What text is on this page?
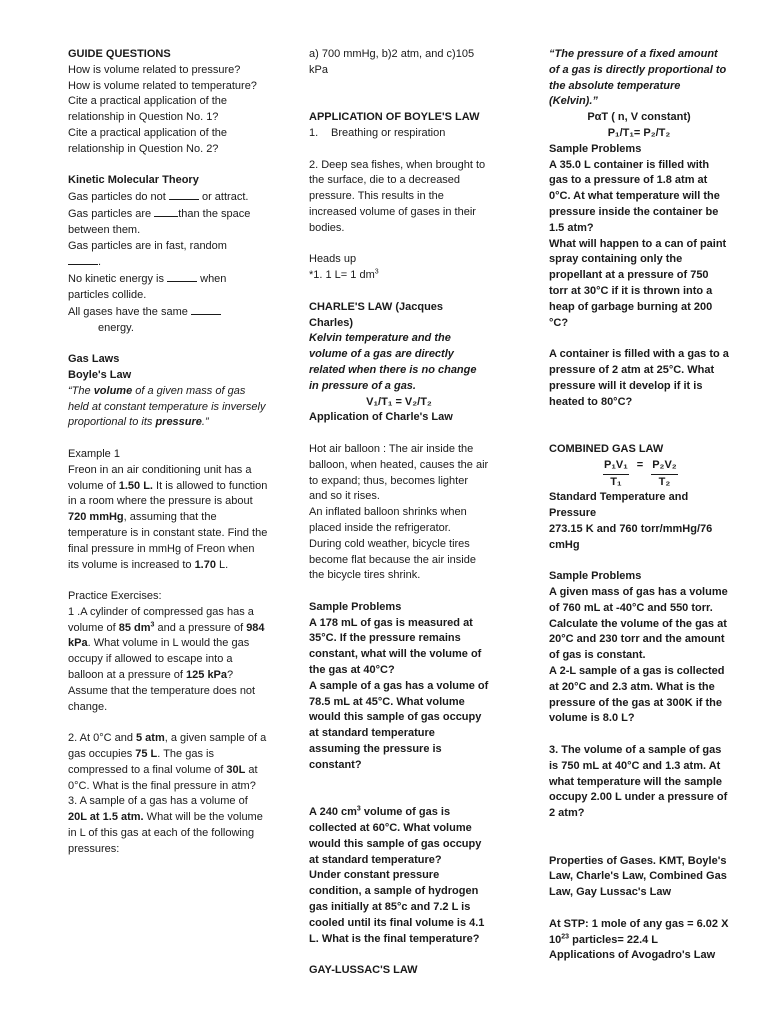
GUIDE QUESTIONS

How is volume related to pressure?

How is volume related to temperature?

Cite a practical application of the relationship in Question No. 1?

Cite a practical application of the relationship in Question No. 2?

Kinetic Molecular Theory

Gas particles do not	or attract.

Gas particles are than the space between them.

Gas particles are in fast, random
.

No kinetic energy is	when particles collide.

All gases have the same
energy.

Gas Laws

Boyle's Law

“The volume of a given mass of gas held at constant temperature is inversely proportional to its pressure.”

Example 1

Freon in an air conditioning unit has a volume of 1.50 L. It is allowed to function in a room where the pressure is about 720 mmHg, assuming that the temperature is in constant state. Find the final pressure in mmHg of Freon when its volume is increased to 1.70 L.

Practice Exercises:

1 .A cylinder of compressed gas has a volume of 85 $dm^3$ and a pressure of 984 kPa. What volume in L would the gas occupy if allowed to escape into a balloon at a pressure of 125 kPa? Assume that the temperature does not change.

2. At 0°C and 5 atm, a given sample of a gas occupies 75 L. The gas is compressed to a final volume of 30L at 0°C. What is the final pressure in atm?

3. A sample of a gas has a volume of 20L at 1.5 atm. What will be the volume in L of this gas at each of the following pressures:

a) 700 mmHg, b)2 atm, and c)105 kPa

APPLICATION OF BOYLE'S LAW

1. Breathing or respiration

2. Deep sea fishes, when brought to the surface, die to a decreased pressure. This results in the increased volume of gases in their bodies.

Heads up

*1. 1 L= 1 $dm^3$

CHARLE'S LAW (Jacques Charles)

Kelvin temperature and the volume of a gas are directly related when there is no change in pressure of a gas.

V₁/T₁ = V₂/T₂

Application of Charle's Law

Hot air balloon : The air inside the balloon, when heated, causes the air to expand; thus, becomes lighter and so it rises.

An inflated balloon shrinks when placed inside the refrigerator.

During cold weather, bicycle tires become flat because the air inside the bicycle tires shrink.

Sample Problems

A 178 mL of gas is measured at 35°C. If the pressure remains constant, what will the volume of the gas at 40°C?

A sample of a gas has a volume of 78.5 mL at 45°C. What volume would this sample of gas occupy at standard temperature assuming the pressure is constant?

A 240 $cm^3$ volume of gas is collected at 60°C. What volume would this sample of gas occupy at standard temperature?

Under constant pressure condition, a sample of hydrogen gas initially at 85°c and 7.2 L is cooled until its final volume is 4.1 L. What is the final temperature?

GAY-LUSSAC'S LAW

“The pressure of a fixed amount of a gas is directly proportional to the absolute temperature (Kelvin).”

PαT ( n, V constant)

P₁/T₁= P₂/T₂

Sample Problems

A 35.0 L container is filled with gas to a pressure of 1.8 atm at 0°C. At what temperature will the pressure inside the container be 1.5 atm?

What will happen to a can of paint spray containing only the propellant at a pressure of 750 torr at 30°C if it is thrown into a heap of garbage burning at 200 °C?

A container is filled with a gas to a pressure of 2 atm at 25°C. What pressure will it develop if it is heated to 80°C?

COMBINED GAS LAW

$\frac{\text{P₁V₁}}{\text{T₁}} = \frac{\text{P₂V₂}}{\text{T₂}}$

Standard Temperature and Pressure

273.15 K and 760 torr/mmHg/76 cmHg

Sample Problems

A given mass of gas has a volume of 760 mL at -40°C and 550 torr. Calculate the volume of the gas at 20°C and 230 torr and the amount of gas is constant.

A 2-L sample of a gas is collected at 20°C and 2.3 atm. What is the pressure of the gas at 300K if the volume is 8.0 L?

3. The volume of a sample of gas is 750 mL at 40°C and 1.3 atm. At what temperature will the sample occupy 2.00 L under a pressure of 2 atm?

Properties of Gases. KMT, Boyle's Law, Charle's Law, Combined Gas Law, Gay Lussac's Law

At STP: 1 mole of any gas = 6.02 X $10^{23}$ particles= 22.4 L

Applications of Avogadro's Law
